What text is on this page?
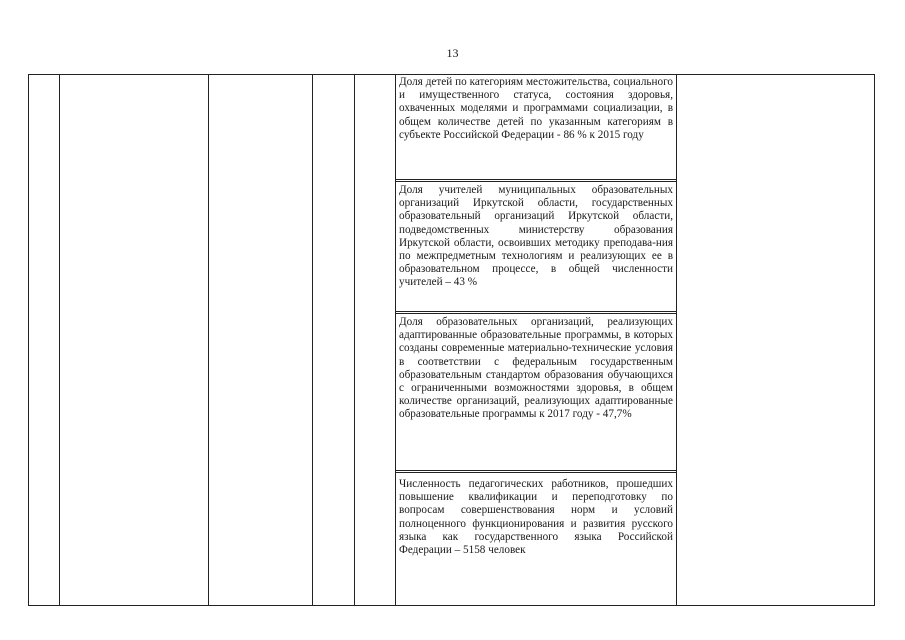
13
Доля детей по категориям местожительства, социального и имущественного статуса, состояния здоровья, охваченных моделями и программами социализации, в общем количестве детей по указанным категориям в субъекте Российской Федерации - 86 % к 2015 году
Доля учителей муниципальных образовательных организаций Иркутской области, государственных образовательный организаций Иркутской области, подведомственных министерству образования Иркутской области, освоивших методику преподава-ния по межпредметным технологиям и реализующих ее в образовательном процессе, в общей численности учителей – 43 %
Доля образовательных организаций, реализующих адаптированные образовательные программы, в которых созданы современные материально-технические условия в соответствии с федеральным государственным образовательным стандартом образования обучающихся с ограниченными возможностями здоровья, в общем количестве организаций, реализующих адаптированные образовательные программы к 2017 году - 47,7%
Численность педагогических работников, прошедших повышение квалификации и переподготовку по вопросам совершенствования норм и условий полноценного функционирования и развития русского языка как государственного языка Российской Федерации – 5158 человек
